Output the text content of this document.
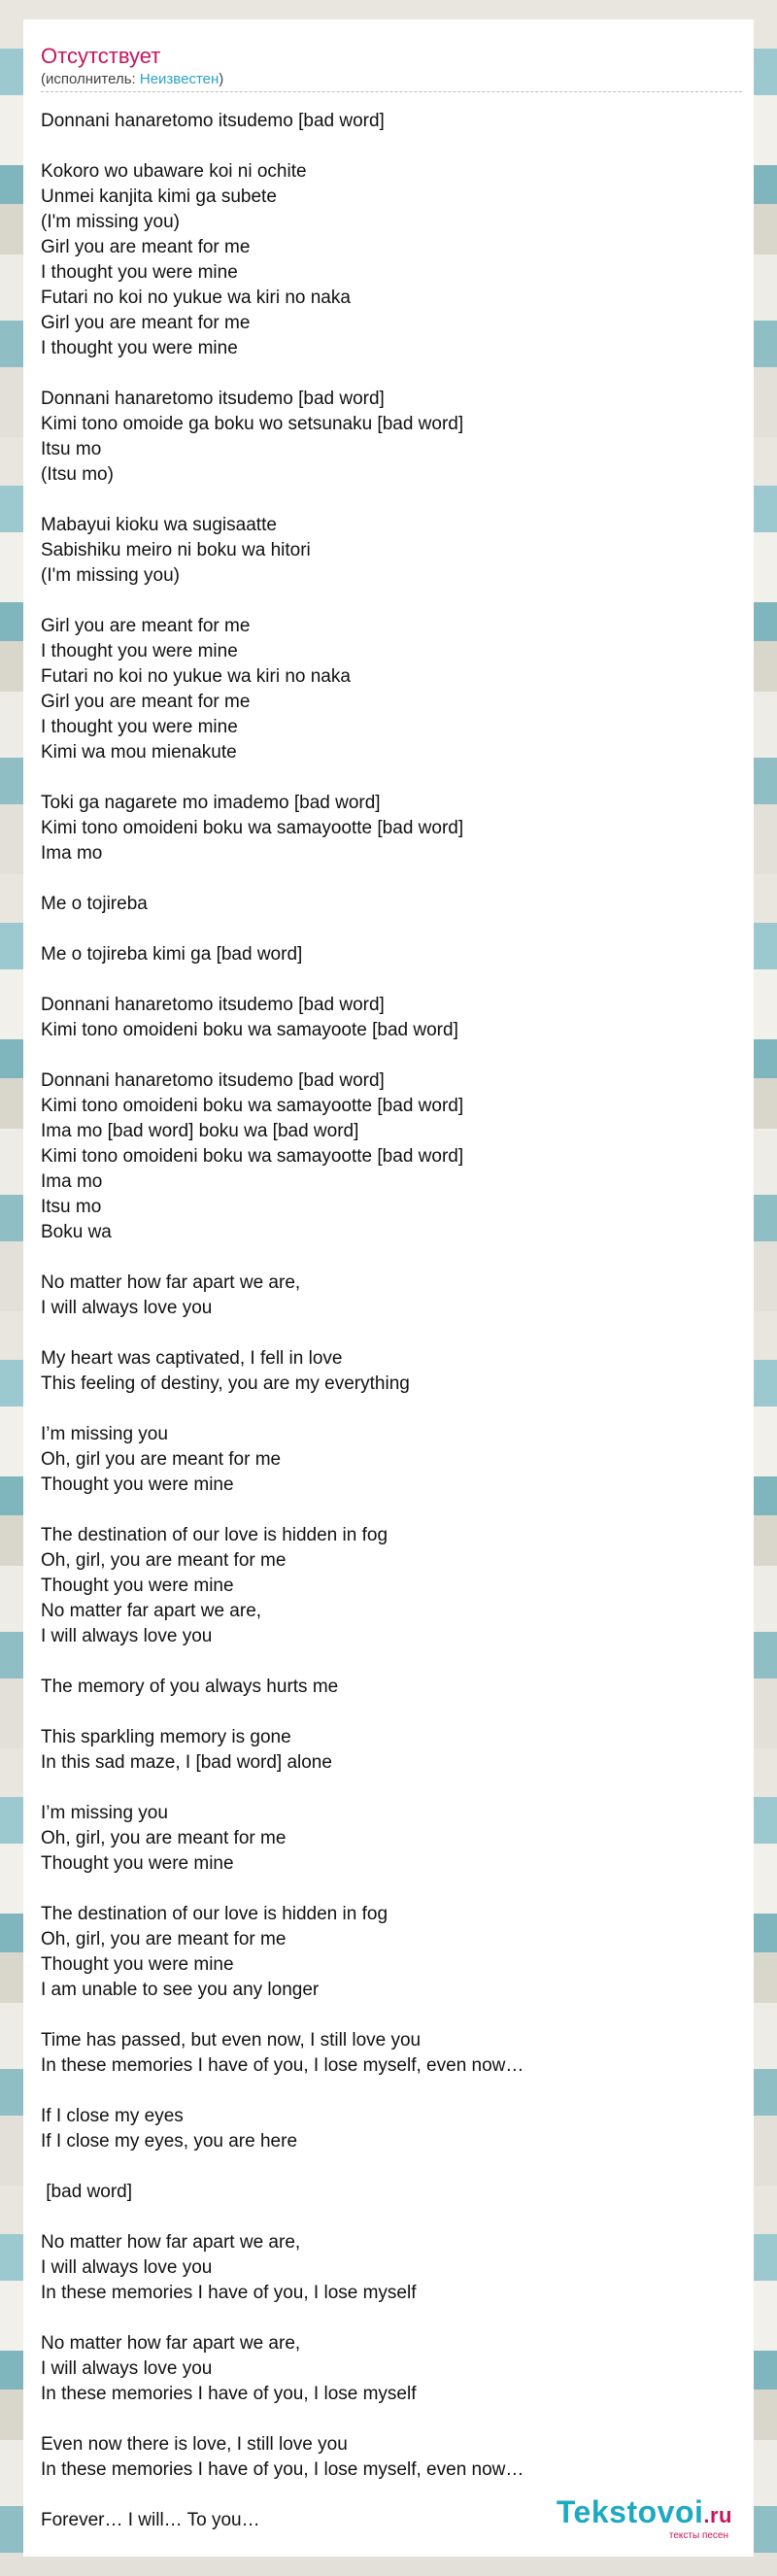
Отсутствует
(исполнитель: Неизвестен)
Donnani hanaretomo itsudemo [bad word]
Kokoro wo ubaware koi ni ochite
Unmei kanjita kimi ga subete
(I'm missing you)
Girl you are meant for me
I thought you were mine
Futari no koi no yukue wa kiri no naka
Girl you are meant for me
I thought you were mine
Donnani hanaretomo itsudemo [bad word]
Kimi tono omoide ga boku wo setsunaku [bad word]
Itsu mo
(Itsu mo)
Mabayui kioku wa sugisaatte
Sabishiku meiro ni boku wa hitori
(I'm missing you)
Girl you are meant for me
I thought you were mine
Futari no koi no yukue wa kiri no naka
Girl you are meant for me
I thought you were mine
Kimi wa mou mienakute
Toki ga nagarete mo imademo [bad word]
Kimi tono omoideni boku wa samayootte [bad word]
Ima mo
Me o tojireba
Me o tojireba kimi ga [bad word]
Donnani hanaretomo itsudemo [bad word]
Kimi tono omoideni boku wa samayoote [bad word]
Donnani hanaretomo itsudemo [bad word]
Kimi tono omoideni boku wa samayootte [bad word]
Ima mo [bad word] boku wa [bad word]
Kimi tono omoideni boku wa samayootte [bad word]
Ima mo
Itsu mo
Boku wa
No matter how far apart we are,
I will always love you
My heart was captivated, I fell in love
This feeling of destiny, you are my everything
I’m missing you
Oh, girl you are meant for me
Thought you were mine
The destination of our love is hidden in fog
Oh, girl, you are meant for me
Thought you were mine
No matter far apart we are,
I will always love you
The memory of you always hurts me
This sparkling memory is gone
In this sad maze, I [bad word] alone
I’m missing you
Oh, girl, you are meant for me
Thought you were mine
The destination of our love is hidden in fog
Oh, girl, you are meant for me
Thought you were mine
I am unable to see you any longer
Time has passed, but even now, I still love you
In these memories I have of you, I lose myself, even now…
If I close my eyes
If I close my eyes, you are here
[bad word]
No matter how far apart we are,
I will always love you
In these memories I have of you, I lose myself
No matter how far apart we are,
I will always love you
In these memories I have of you, I lose myself
Even now there is love, I still love you
In these memories I have of you, I lose myself, even now…
Forever… I will… To you…	Tekstovoi.ru
тексты песен
